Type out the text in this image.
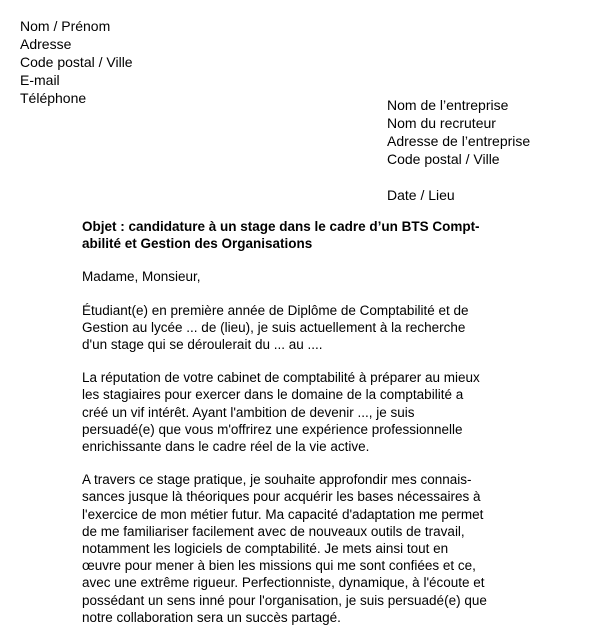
Nom / Prénom
Adresse
Code postal / Ville
E-mail
Téléphone	Nom de l’entreprise
Nom du recruteur
Adresse de l’entreprise
Code postal / Ville
Date / Lieu
Objet : candidature à un stage dans le cadre d’un BTS Compt-
abilité et Gestion des Organisations
Madame, Monsieur,
Étudiant(e) en première année de Diplôme de Comptabilité et de
Gestion au lycée ... de (lieu), je suis actuellement à la recherche
d'un stage qui se déroulerait du ... au ....
La réputation de votre cabinet de comptabilité à préparer au mieux
les stagiaires pour exercer dans le domaine de la comptabilité a
créé un vif intérêt. Ayant l'ambition de devenir ..., je suis
persuadé(e) que vous m'offrirez une expérience professionnelle
enrichissante dans le cadre réel de la vie active.
A travers ce stage pratique, je souhaite approfondir mes connais-
sances jusque là théoriques pour acquérir les bases nécessaires à
l'exercice de mon métier futur. Ma capacité d'adaptation me permet
de me familiariser facilement avec de nouveaux outils de travail,
notamment les logiciels de comptabilité. Je mets ainsi tout en
œuvre pour mener à bien les missions qui me sont confiées et ce,
avec une extrême rigueur. Perfectionniste, dynamique, à l'écoute et
possédant un sens inné pour l'organisation, je suis persuadé(e) que
notre collaboration sera un succès partagé.
